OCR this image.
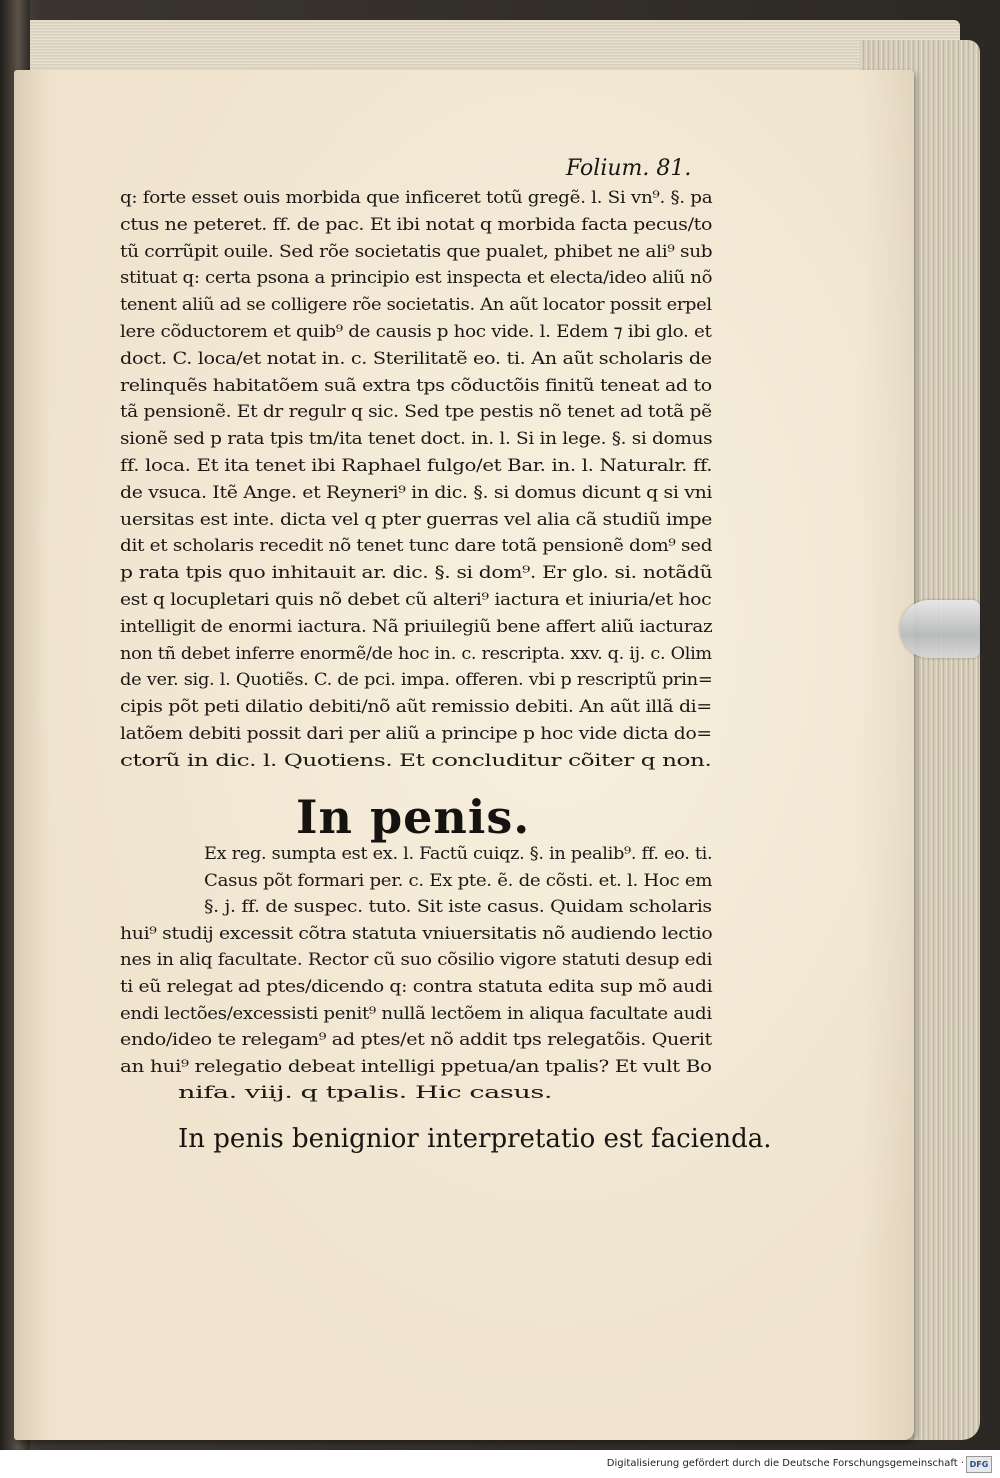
Folium. 81.
q: forte esset ouis morbida que inficeret totũ gregẽ. l. Si vn⁹. §. pa
ctus ne peteret. ff. de pac. Et ibi notat q morbida facta pecus/to
tũ corrũpit ouile. Sed rõe societatis que pualet, phibet ne ali⁹ sub
stituat q: certa psona a principio est inspecta et electa/ideo aliũ nõ
tenent aliũ ad se colligere rõe societatis. An aũt locator possit erpel
lere cõductorem et quib⁹ de causis p hoc vide. l. Edem ⁊ ibi glo. et
doct. C. loca/et notat in. c. Sterilitatẽ eo. ti. An aũt scholaris de
relinquẽs habitatõem suã extra tps cõductõis finitũ teneat ad to
tã pensionẽ. Et dr regulr q sic. Sed tpe pestis nõ tenet ad totã pẽ
sionẽ sed p rata tpis tm/ita tenet doct. in. l. Si in lege. §. si domus
ff. loca. Et ita tenet ibi Raphael fulgo/et Bar. in. l. Naturalr. ff.
de vsuca. Itẽ Ange. et Reyneri⁹ in dic. §. si domus dicunt q si vni
uersitas est inte. dicta vel q pter guerras vel alia cã studiũ impe
dit et scholaris recedit nõ tenet tunc dare totã pensionẽ dom⁹ sed
p rata tpis quo inhitauit ar. dic. §. si dom⁹. Er glo. si. notãdũ
est q locupletari quis nõ debet cũ alteri⁹ iactura et iniuria/et hoc
intelligit de enormi iactura. Nã priuilegiũ bene affert aliũ iacturaz
non tñ debet inferre enormẽ/de hoc in. c. rescripta. xxv. q. ij. c. Olim
de ver. sig. l. Quotiẽs. C. de pci. impa. offeren. vbi p rescriptũ prin=
cipis põt peti dilatio debiti/nõ aũt remissio debiti. An aũt illã di=
latõem debiti possit dari per aliũ a principe p hoc vide dicta do=
ctorũ in dic. l. Quotiens. Et concluditur cõiter q non.
In penis.
Ex reg. sumpta est ex. l. Factũ cuiqz. §. in pealib⁹. ff. eo. ti.
Casus põt formari per. c. Ex pte. ẽ. de cõsti. et. l. Hoc em
§. j. ff. de suspec. tuto. Sit iste casus. Quidam scholaris
hui⁹ studij excessit cõtra statuta vniuersitatis nõ audiendo lectio
nes in aliq facultate. Rector cũ suo cõsilio vigore statuti desup edi
ti eũ relegat ad ptes/dicendo q: contra statuta edita sup mõ audi
endi lectões/excessisti penit⁹ nullã lectõem in aliqua facultate audi
endo/ideo te relegam⁹ ad ptes/et nõ addit tps relegatõis. Querit
an hui⁹ relegatio debeat intelligi ppetua/an tpalis? Et vult Bo
nifa. viij. q tpalis. Hic casus.
In penis benignior interpretatio est facienda.
Digitalisierung gefördert durch die Deutsche Forschungsgemeinschaft · DFG
